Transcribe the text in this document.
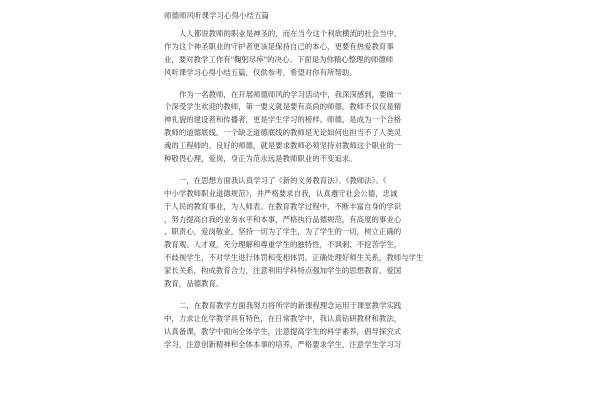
师德师风听课学习心得小结五篇
人人都说教师的职业是神圣的，而在当今这个利欲横流的社会当中，
作为这个神圣职业的守护者更该是保持自己的本心，更要有热爱教育事
业，要对教学工作有"鞠躬尽瘁"的决心。下面是为你精心整理的师德师
风听课学习心得小结五篇，仅供参考，希望对你有所帮助。
作为一名教师，在开展师德师风的学习活动中，我深深感到，要做一
个深受学生欢迎的教师，第一要义就是要有高尚的师德。教师不仅仅是精
神礼貌的建设者和传播者，更是学生学习的榜样。师德，是成为一个合格
教师的道德底线。一个缺乏道德底线的教师是无论如何也担当不了人类灵
魂的工程师的。良好的师德，就是要求教师必须坚持对教师这个职业的一
种敬畏心理，爱岗，身正为范永远是教师职业的不变追求。
一，在思想方面我认真学习了《新的义务教育法》、《教师法》、《
中小学教师职业道德规范》，并严格要求自我，认真遵守社会公德，忠诚
于人民的教育事业，为人师表。在教育教学过程中，不断丰富自身的学识
，努力提高自我的业务水平和本事，严格执行品德规范，有高度的事业心
、职责心，爱岗敬业，坚持一切为了学生，为了学生的一切，树立正确的
教育观、人才观，充分理解和尊重学生的独特性，不讽刺、不挖苦学生，
不歧视学生，不对学生进行体罚和变相体罚，正确处理好师生关系，教师与学生
家长关系，构成教育合力，注意利用学科特点强加学生的思想教育，爱国
教育，品德教育。
二，在教育教学方面我努力将所学的新课程理念运用于课堂教学实践
中，力求让化学教学具有特色，在日常教学中，我认真钻研教材和教法，
认真备课，教学中面向全体学生，注意提高学生的科学素养，倡导探究式
学习，注意创新精神和全体本事的培养，严格要求学生，注意学生学习习
